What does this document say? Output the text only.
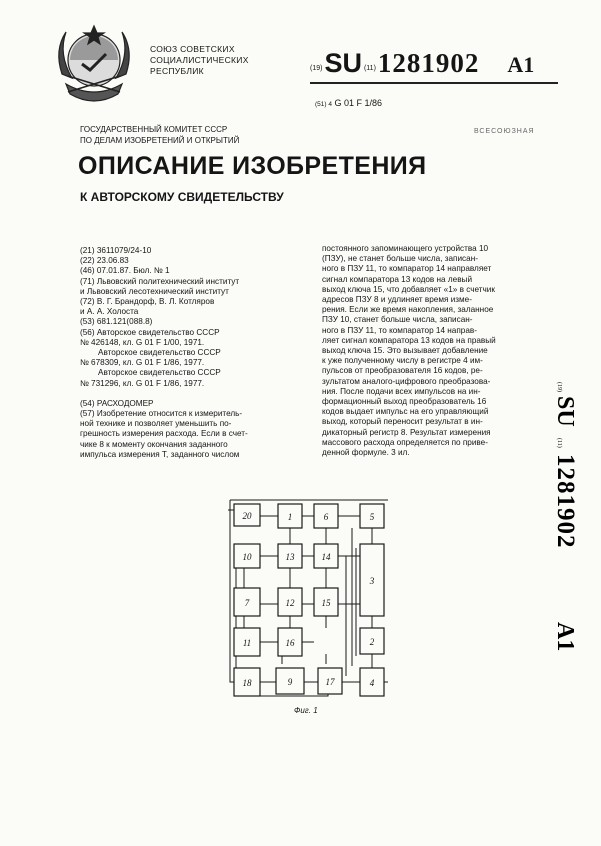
СОЮЗ СОВЕТСКИХ
СОЦИАЛИСТИЧЕСКИХ
РЕСПУБЛИК	(19)SU (11)1281902 A1
(51) 4 G 01 F 1/86
ВСЕСОЮЗНАЯ
ГОСУДАРСТВЕННЫЙ КОМИТЕТ СССР
ПО ДЕЛАМ ИЗОБРЕТЕНИЙ И ОТКРЫТИЙ
ОПИСАНИЕ ИЗОБРЕТЕНИЯ
К АВТОРСКОМУ СВИДЕТЕЛЬСТВУ
(21) 3611079/24-10
(22) 23.06.83
(46) 07.01.87. Бюл. № 1
(71) Львовский политехнический институт
и Львовский лесотехнический институт
(72) В. Г. Брандорф, В. Л. Котляров
и А. А. Холоста
(53) 681.121(088.8)
(56) Авторское свидетельство СССР
№ 426148, кл. G 01 F 1/00, 1971.
Авторское свидетельство СССР
№ 678309, кл. G 01 F 1/86, 1977.
Авторское свидетельство СССР
№ 731296, кл. G 01 F 1/86, 1977.
(54) РАСХОДОМЕР
(57) Изобретение относится к измеритель-
ной технике и позволяет уменьшить по-
грешность измерения расхода. Если в счет-
чике 8 к моменту окончания заданного
импульса измерения Т, заданного числом
постоянного запоминающего устройства 10
(ПЗУ), не станет больше числа, записан-
ного в ПЗУ 11, то компаратор 14 направляет
сигнал компаратора 13 кодов на левый
выход ключа 15, что добавляет «1» в счетчик
адресов ПЗУ 8 и удлиняет время изме-
рения. Если же время накопления, заланное
ПЗУ 10, станет больше числа, записан-
ного в ПЗУ 11, то компаратор 14 направ-
ляет сигнал компаратора 13 кодов на правый
выход ключа 15. Это вызывает добавление
к уже полученному числу в регистре 4 им-
пульсов от преобразователя 16 кодов, ре-
зультатом аналого-цифрового преобразова-
ния. После подачи всех импульсов на ин-
формационный выход преобразователь 16
кодов выдает импульс на его управляющий
выход, который переносит результат в ин-
дикаторный регистр 8. Результат измерения
массового расхода определяется по приве-
денной формуле. 3 ил.
(19)
SU
(11)
1281902
A1
20	1	6	5
10	13	14
7	12	15
3
11	16	2
18	9	17	4
Фиг. 1
